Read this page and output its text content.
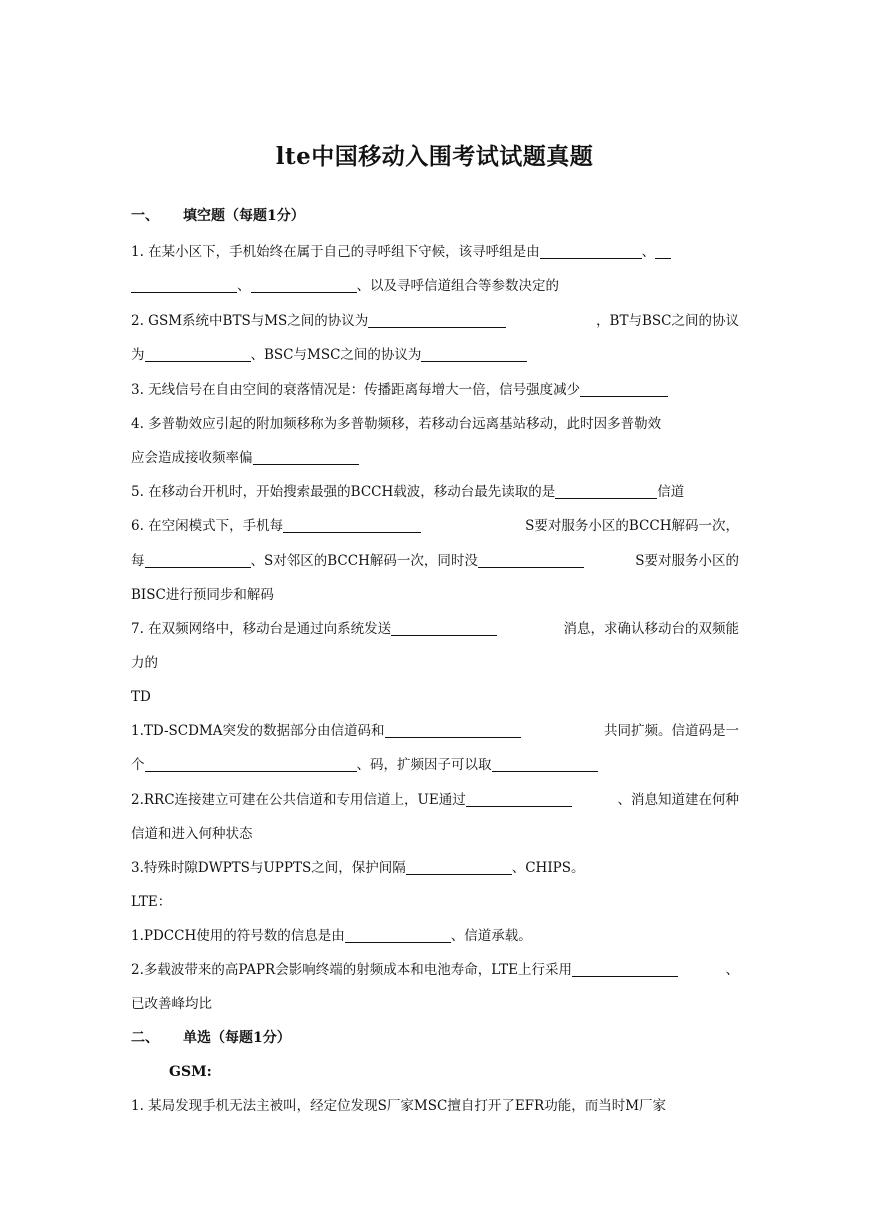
lte中国移动入围考试试题真题
一、 填空题（每题1分）
1. 在某小区下，手机始终在属于自己的寻呼组下守候，该寻呼组是由	、
、	、以及寻呼信道组合等参数决定的
2. GSM系统中BTS与MS之间的协议为	，BT与BSC之间的协议
为	、BSC与MSC之间的协议为
3. 无线信号在自由空间的衰落情况是：传播距离每增大一倍，信号强度减少
4. 多普勒效应引起的附加频移称为多普勒频移，若移动台远离基站移动，此时因多普勒效
应会造成接收频率偏
5. 在移动台开机时，开始搜索最强的BCCH载波，移动台最先读取的是	信道
6. 在空闲模式下，手机每	S要对服务小区的BCCH解码一次，
每	、S对邻区的BCCH解码一次，同时没	S要对服务小区的
BISC进行预同步和解码
7. 在双频网络中，移动台是通过向系统发送	消息，求确认移动台的双频能
力的
TD
1.TD-SCDMA突发的数据部分由信道码和	共同扩频。信道码是一
个	、码，扩频因子可以取
2.RRC连接建立可建在公共信道和专用信道上，UE通过	、消息知道建在何种
信道和进入何种状态
3.特殊时隙DWPTS与UPPTS之间，保护间隔	、CHIPS。
LTE：
1.PDCCH使用的符号数的信息是由	、信道承载。
2.多载波带来的高PAPR会影响终端的射频成本和电池寿命，LTE上行采用	、
已改善峰均比
二、 单选（每题1分）
GSM:
1. 某局发现手机无法主被叫，经定位发现S厂家MSC擅自打开了EFR功能，而当时M厂家
